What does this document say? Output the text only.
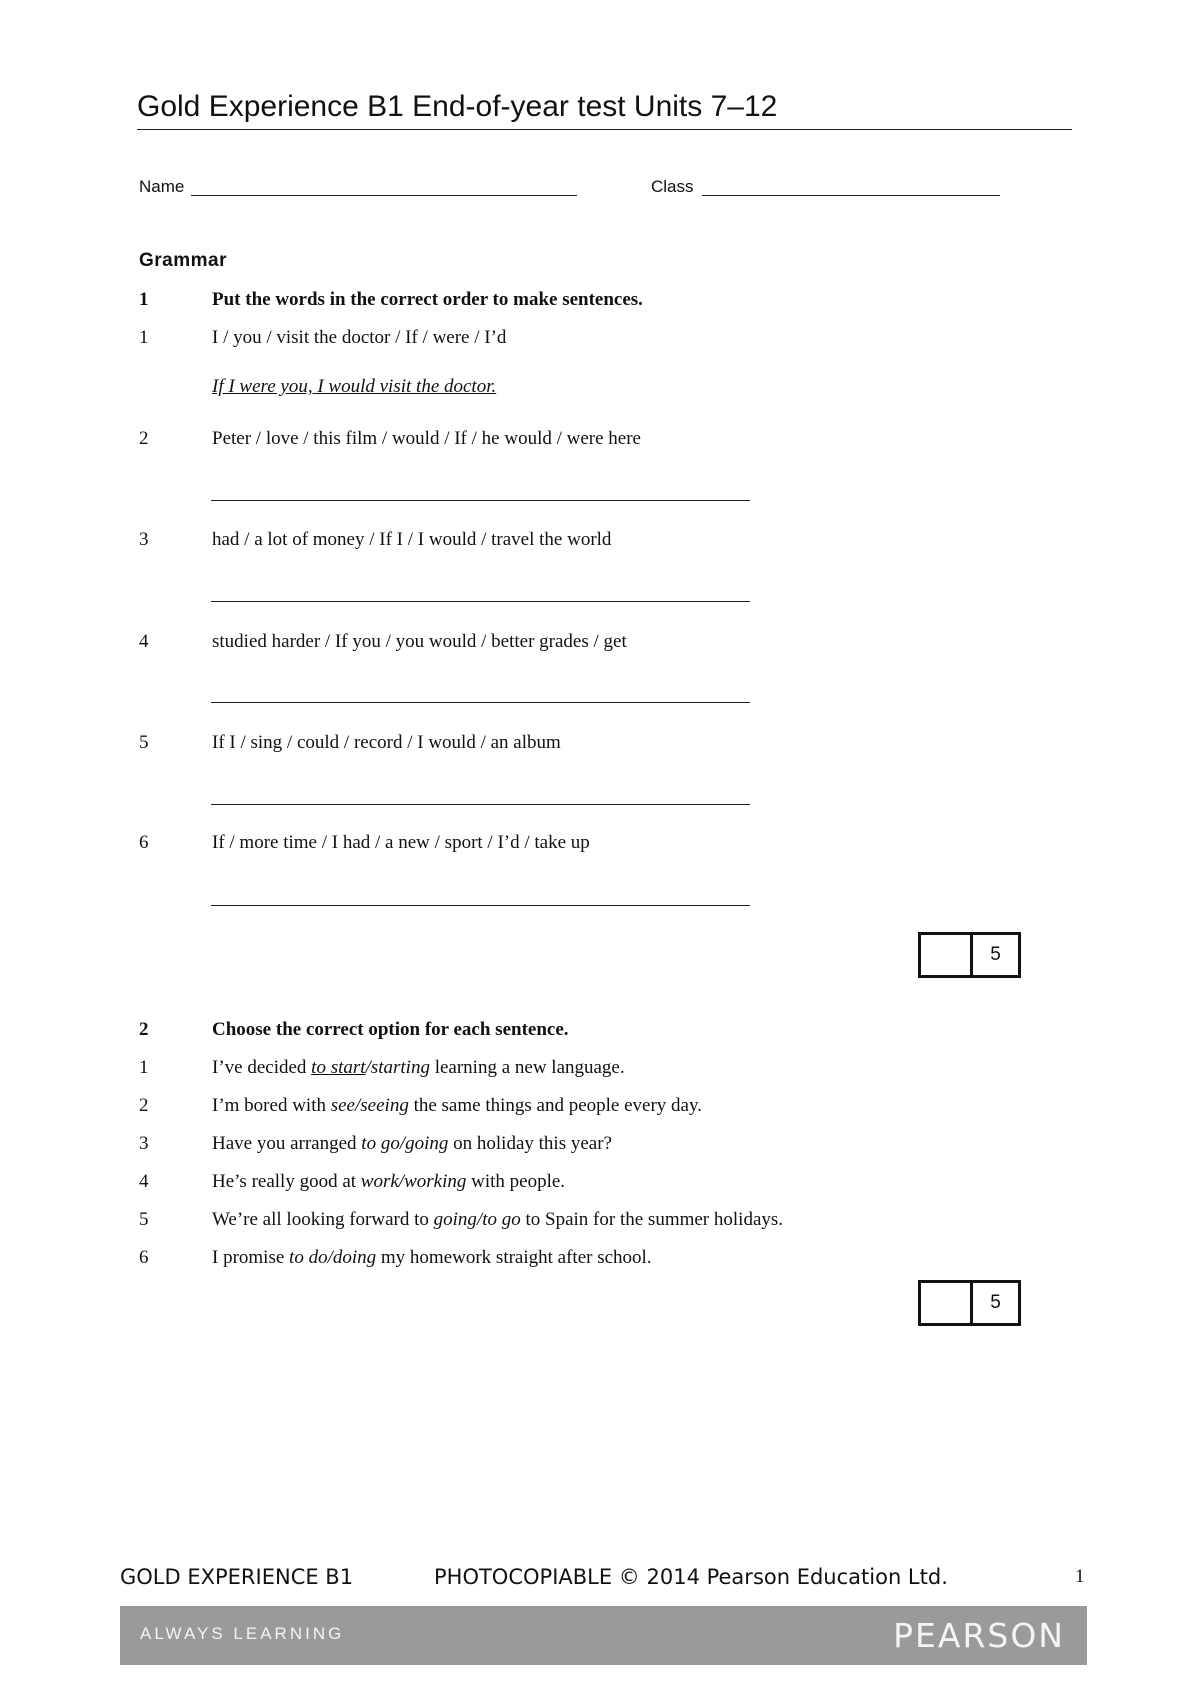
Gold Experience B1 End-of-year test Units 7–12
Name	Class
Grammar
1	Put the words in the correct order to make sentences.
1	I / you / visit the doctor / If / were / I’d
If I were you, I would visit the doctor.
2	Peter / love / this film / would / If / he would / were here
3	had / a lot of money / If I / I would / travel the world
4	studied harder / If you / you would / better grades / get
5	If I / sing / could / record / I would / an album
6	If / more time / I had / a new / sport / I’d / take up
5
2	Choose the correct option for each sentence.
1	I’ve decided to start/starting learning a new language.
2	I’m bored with see/seeing the same things and people every day.
3	Have you arranged to go/going on holiday this year?
4	He’s really good at work/working with people.
5	We’re all looking forward to going/to go to Spain for the summer holidays.
6	I promise to do/doing my homework straight after school.
5
GOLD EXPERIENCE B1	PHOTOCOPIABLE © 2014 Pearson Education Ltd.	1
ALWAYS LEARNING	PEARSON
